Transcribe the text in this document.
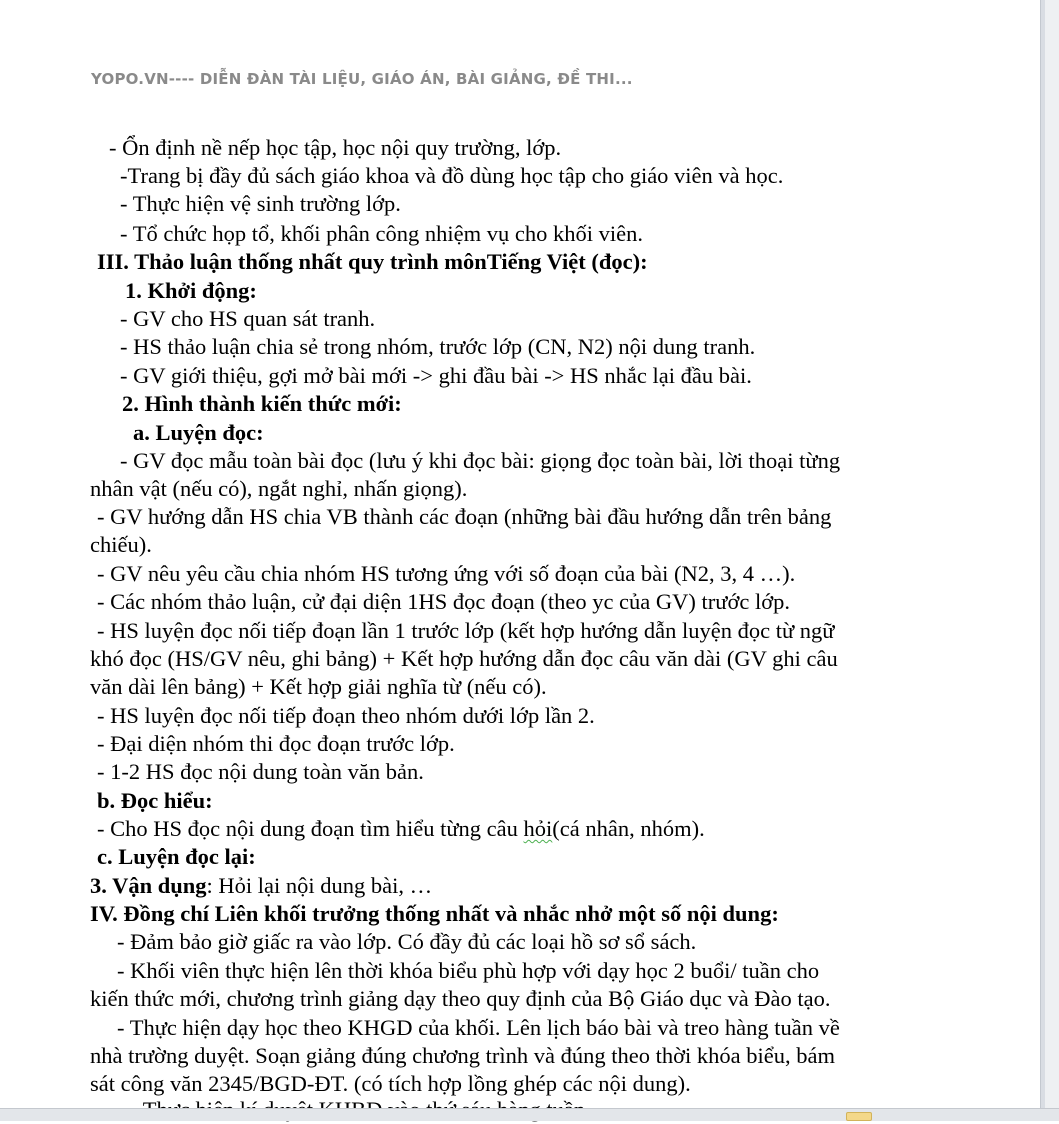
YOPO.VN---- DIỄN ĐÀN TÀI LIỆU, GIÁO ÁN, BÀI GIẢNG, ĐỀ THI...
- Ổn định nề nếp học tập, học nội quy trường, lớp.
-Trang bị đầy đủ sách giáo khoa và đồ dùng học tập cho giáo viên và học.
- Thực hiện vệ sinh trường lớp.
- Tổ chức họp tổ, khối phân công nhiệm vụ cho khối viên.
III. Thảo luận thống nhất quy trình mônTiếng Việt (đọc):
1. Khởi động:
- GV cho HS quan sát tranh.
- HS thảo luận chia sẻ trong nhóm, trước lớp (CN, N2) nội dung tranh.
- GV giới thiệu, gợi mở bài mới -> ghi đầu bài -> HS nhắc lại đầu bài.
2. Hình thành kiến thức mới:
a. Luyện đọc:
- GV đọc mẫu toàn bài đọc (lưu ý khi đọc bài: giọng đọc toàn bài, lời thoại từng
nhân vật (nếu có), ngắt nghỉ, nhấn giọng).
- GV hướng dẫn HS chia VB thành các đoạn (những bài đầu hướng dẫn trên bảng
chiếu).
- GV nêu yêu cầu chia nhóm HS tương ứng với số đoạn của bài (N2, 3, 4 …).
- Các nhóm thảo luận, cử đại diện 1HS đọc đoạn (theo yc của GV) trước lớp.
- HS luyện đọc nối tiếp đoạn lần 1 trước lớp (kết hợp hướng dẫn luyện đọc từ ngữ
khó đọc (HS/GV nêu, ghi bảng) + Kết hợp hướng dẫn đọc câu văn dài (GV ghi câu
văn dài lên bảng) + Kết hợp giải nghĩa từ (nếu có).
- HS luyện đọc nối tiếp đoạn theo nhóm dưới lớp lần 2.
- Đại diện nhóm thi đọc đoạn trước lớp.
- 1-2 HS đọc nội dung toàn văn bản.
b. Đọc hiểu:
- Cho HS đọc nội dung đoạn tìm hiểu từng câu hỏi(cá nhân, nhóm).
c. Luyện đọc lại:
3. Vận dụng: Hỏi lại nội dung bài, …
IV. Đồng chí Liên khối trưởng thống nhất và nhắc nhở một số nội dung:
- Đảm bảo giờ giấc ra vào lớp. Có đầy đủ các loại hồ sơ sổ sách.
- Khối viên thực hiện lên thời khóa biểu phù hợp với dạy học 2 buổi/ tuần cho
kiến thức mới, chương trình giảng dạy theo quy định của Bộ Giáo dục và Đào tạo.
- Thực hiện dạy học theo KHGD của khối. Lên lịch báo bài và treo hàng tuần về
nhà trường duyệt. Soạn giảng đúng chương trình và đúng theo thời khóa biểu, bám
sát công văn 2345/BGD-ĐT. (có tích hợp lồng ghép các nội dung).
